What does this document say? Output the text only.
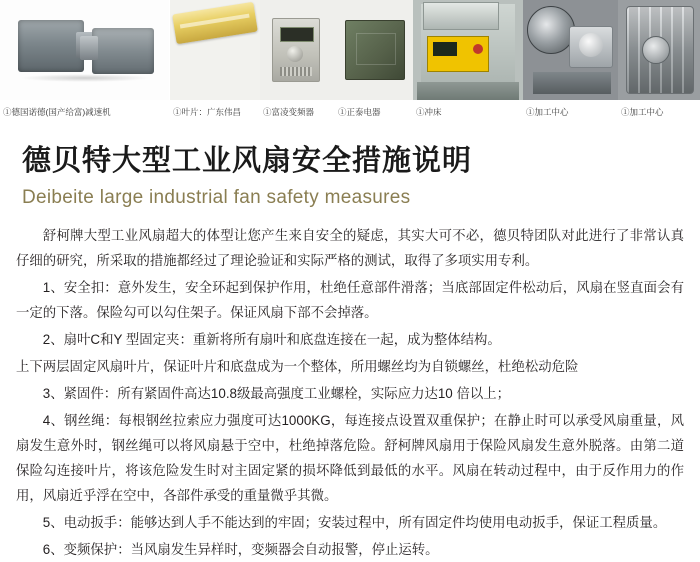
①德国诺德(国产给富)减速机	①叶片：广东伟昌	①富凌变频器	①正泰电器	①冲床	①加工中心	①加工中心
德贝特大型工业风扇安全措施说明
Deibeite large industrial fan safety measures

舒柯牌大型工业风扇超大的体型让您产生来自安全的疑虑，其实大可不必，德贝特团队对此进行了非常认真仔细的研究，所采取的措施都经过了理论验证和实际严格的测试，取得了多项实用专利。

1、安全扣：意外发生，安全环起到保护作用，杜绝任意部件滑落；当底部固定件松动后，风扇在竖直面会有一定的下落。保险勾可以勾住架子。保证风扇下部不会掉落。

2、扇叶C和Y 型固定夹：重新将所有扇叶和底盘连接在一起，成为整体结构。

上下两层固定风扇叶片，保证叶片和底盘成为一个整体，所用螺丝均为自锁螺丝，杜绝松动危险

3、紧固件：所有紧固件高达10.8级最高强度工业螺栓，实际应力达10 倍以上；

4、钢丝绳：每根钢丝拉索应力强度可达1000KG，每连接点设置双重保护；在静止时可以承受风扇重量，风扇发生意外时，钢丝绳可以将风扇悬于空中，杜绝掉落危险。舒柯牌风扇用于保险风扇发生意外脱落。由第二道保险勾连接叶片，将该危险发生时对主固定紧的损坏降低到最低的水平。风扇在转动过程中，由于反作用力的作用，风扇近乎浮在空中，各部件承受的重量微乎其微。

5、电动扳手：能够达到人手不能达到的牢固；安装过程中，所有固定件均使用电动扳手，保证工程质量。

6、变频保护：当风扇发生异样时，变频器会自动报警，停止运转。
